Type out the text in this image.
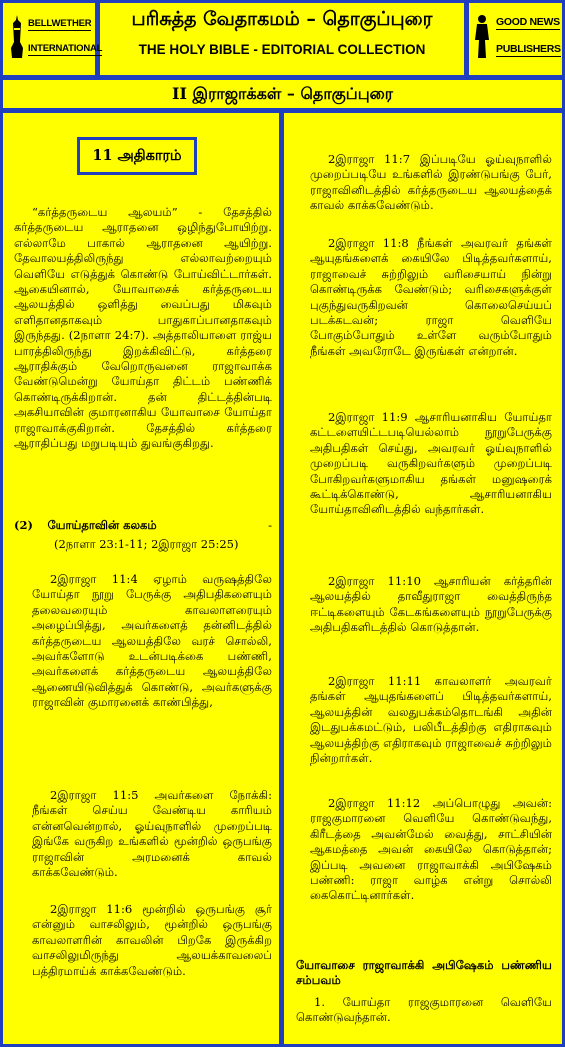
BELLWETHER

INTERNATIONAL
பரிசுத்த வேதாகமம் – தொகுப்புரை
THE HOLY BIBLE - EDITORIAL COLLECTION
GOOD NEWS

PUBLISHERS
II இராஜாக்கள் – தொகுப்புரை
11 அதிகாரம்
“கர்த்தருடைய ஆலயம்” - தேசத்தில் கர்த்தருடைய ஆராதனை ஒழிந்துபோயிற்று. எல்லாமே பாகால் ஆராதனை ஆயிற்று. தேவாலயத்திலிருந்து எல்லாவற்றையும் வெளியே எடுத்துக் கொண்டு போய்விட்டார்கள். ஆகையினால், யோவாசைக் கர்த்தருடைய ஆலயத்தில் ஒளித்து வைப்பது மிகவும் எளிதானதாகவும் பாதுகாப்பானதாகவும் இருந்தது. (2நாளா 24:7). அத்தாலியாளை ராஜ்ய பாரத்திலிருந்து இறக்கிவிட்டு, கர்த்தரை ஆராதிக்கும் வேறொருவனை ராஜாவாக்க வேண்டுமென்று யோய்தா திட்டம் பண்ணிக் கொண்டிருக்கிறான். தன் திட்டத்தின்படி அகசியாவின் குமாரனாகிய யோவாசை யோய்தா ராஜாவாக்குகிறான். தேசத்தில் கர்த்தரை ஆராதிப்பது மறுபடியும் துவங்குகிறது.
(2) யோய்தாவின் கலகம்	-
(2நாளா 23:1-11; 2இராஜா 25:25)
2இராஜா 11:4 ஏழாம் வருஷத்திலே யோய்தா நூறு பேருக்கு அதிபதிகளையும் தலைவரையும் காவலாளரையும் அழைப்பித்து, அவர்களைத் தன்னிடத்தில் கர்த்தருடைய ஆலயத்திலே வரச் சொல்லி, அவர்களோடு உடன்படிக்கை பண்ணி, அவர்களைக் கர்த்தருடைய ஆலயத்திலே ஆணையிடுவித்துக் கொண்டு, அவர்களுக்கு ராஜாவின் குமாரனைக் காண்பித்து,
2இராஜா 11:5 அவர்களை நோக்கி: நீங்கள் செய்ய வேண்டிய காரியம் என்னவென்றால், ஓய்வுநாளில் முறைப்படி இங்கே வருகிற உங்களில் மூன்றில் ஒருபங்கு ராஜாவின் அரமனைக் காவல் காக்கவேண்டும்.
2இராஜா 11:6 மூன்றில் ஒருபங்கு சூர் என்னும் வாசலிலும், மூன்றில் ஒருபங்கு காவலாளரின் காவலின் பிறகே இருக்கிற வாசலிலுமிருந்து ஆலயக்காவலைப் பத்திரமாய்க் காக்கவேண்டும்.
2இராஜா 11:7 இப்படியே ஓய்வுநாளில் முறைப்படியே உங்களில் இரண்டுபங்கு பேர், ராஜாவினிடத்தில் கர்த்தருடைய ஆலயத்தைக் காவல் காக்கவேண்டும்.
2இராஜா 11:8 நீங்கள் அவரவர் தங்கள் ஆயுதங்களைக் கையிலே பிடித்தவர்களாய், ராஜாவைச் சுற்றிலும் வரிசையாய் நின்று கொண்டிருக்க வேண்டும்; வரிசைகளுக்குள் புகுந்துவருகிறவன் கொலைசெய்யப் படக்கடவன்; ராஜா வெளியே போகும்போதும் உள்ளே வரும்போதும் நீங்கள் அவரோடே இருங்கள் என்றான்.
2இராஜா 11:9 ஆசாரியனாகிய யோய்தா கட்டளையிட்டபடியெல்லாம் நூறுபேருக்கு அதிபதிகள் செய்து, அவரவர் ஓய்வுநாளில் முறைப்படி வருகிறவர்களும் முறைப்படி போகிறவர்களுமாகிய தங்கள் மனுஷரைக் கூட்டிக்கொண்டு, ஆசாரியனாகிய யோய்தாவினிடத்தில் வந்தார்கள்.
2இராஜா 11:10 ஆசாரியன் கர்த்தரின் ஆலயத்தில் தாவீதுராஜா வைத்திருந்த ஈட்டிகளையும் கேடகங்களையும் நூறுபேருக்கு அதிபதிகளிடத்தில் கொடுத்தான்.
2இராஜா 11:11 காவலாளர் அவரவர் தங்கள் ஆயுதங்களைப் பிடித்தவர்களாய், ஆலயத்தின் வலதுபக்கம்தொடங்கி அதின் இடதுபக்கமட்டும், பலிபீடத்திற்கு எதிராகவும் ஆலயத்திற்கு எதிராகவும் ராஜாவைச் சுற்றிலும் நின்றார்கள்.
2இராஜா 11:12 அப்பொழுது அவன்: ராஜகுமாரனை வெளியே கொண்டுவந்து, கிரீடத்தை அவன்மேல் வைத்து, சாட்சியின் ஆகமத்தை அவன் கையிலே கொடுத்தான்; இப்படி அவனை ராஜாவாக்கி அபிஷேகம் பண்ணி: ராஜா வாழ்க என்று சொல்லி கைகொட்டினார்கள்.
யோவாசை ராஜாவாக்கி அபிஷேகம் பண்ணிய சம்பவம்
1. யோய்தா ராஜகுமாரனை வெளியே கொண்டுவந்தான்.
